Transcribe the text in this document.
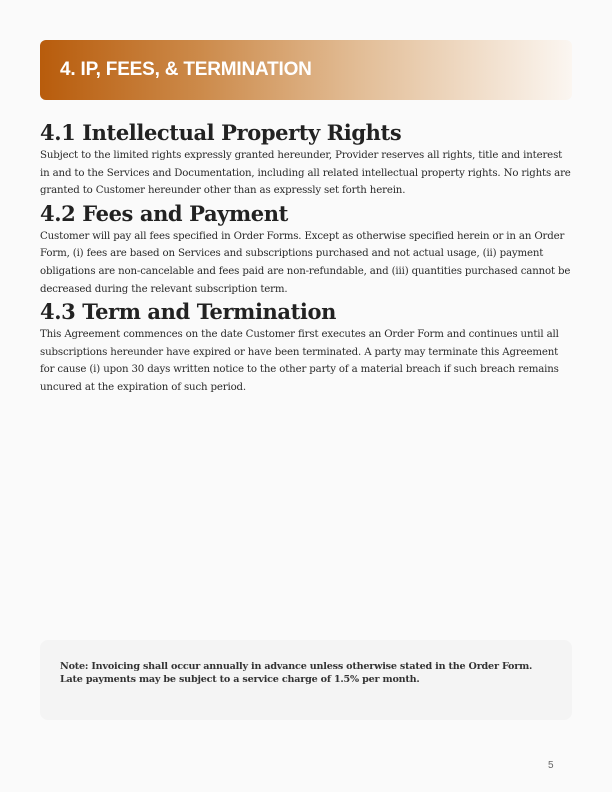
4. IP, FEES, & TERMINATION
4.1 Intellectual Property Rights

Subject to the limited rights expressly granted hereunder, Provider reserves all rights, title and interest in and to the Services and Documentation, including all related intellectual property rights. No rights are granted to Customer hereunder other than as expressly set forth herein.

4.2 Fees and Payment

Customer will pay all fees specified in Order Forms. Except as otherwise specified herein or in an Order Form, (i) fees are based on Services and subscriptions purchased and not actual usage, (ii) payment obligations are non-cancelable and fees paid are non-refundable, and (iii) quantities purchased cannot be decreased during the relevant subscription term.

4.3 Term and Termination

This Agreement commences on the date Customer first executes an Order Form and continues until all subscriptions hereunder have expired or have been terminated. A party may terminate this Agreement for cause (i) upon 30 days written notice to the other party of a material breach if such breach remains uncured at the expiration of such period.

Note: Invoicing shall occur annually in advance unless otherwise stated in the Order Form.

Late payments may be subject to a service charge of 1.5% per month.

5
